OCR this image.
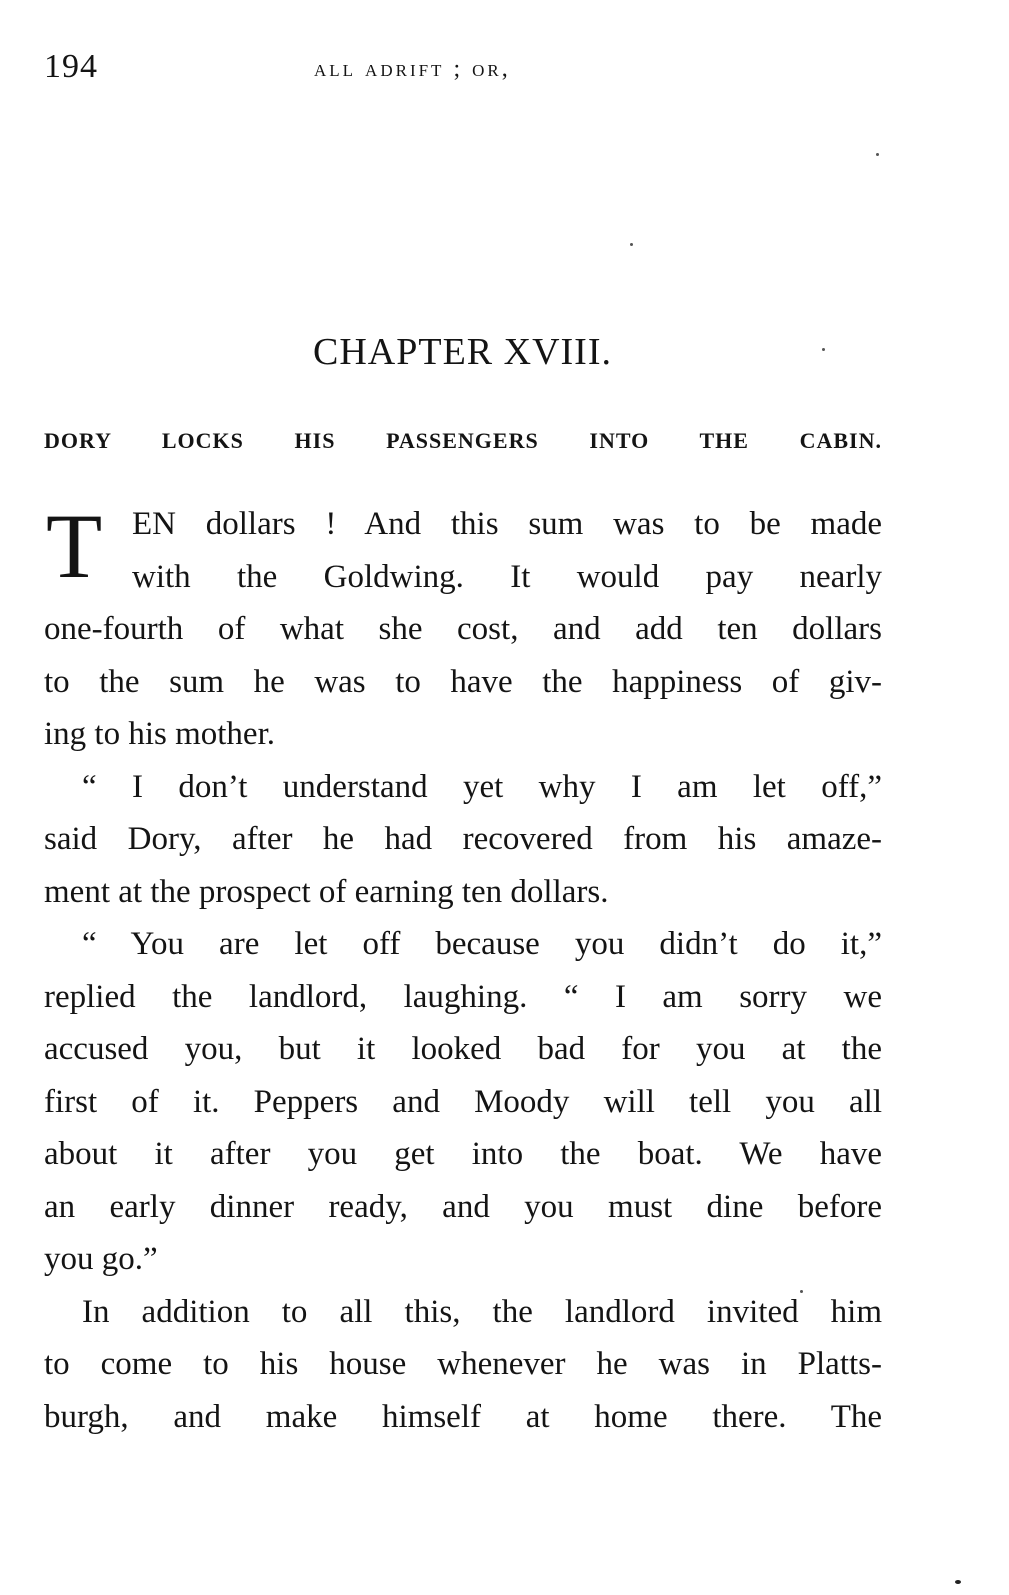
194	all adrift ; or,
CHAPTER XVIII.
DORY LOCKS HIS PASSENGERS INTO THE CABIN.
T EN dollars ! And this sum was to be made
with the Goldwing. It would pay nearly
one-fourth of what she cost, and add ten dollars
to the sum he was to have the happiness of giv-
ing to his mother.
“ I don’t understand yet why I am let off,”
said Dory, after he had recovered from his amaze-
ment at the prospect of earning ten dollars.
“ You are let off because you didn’t do it,”
replied the landlord, laughing. “ I am sorry we
accused you, but it looked bad for you at the
first of it. Peppers and Moody will tell you all
about it after you get into the boat. We have
an early dinner ready, and you must dine before
you go.”
In addition to all this, the landlord invited him
to come to his house whenever he was in Platts-
burgh, and make himself at home there. The
